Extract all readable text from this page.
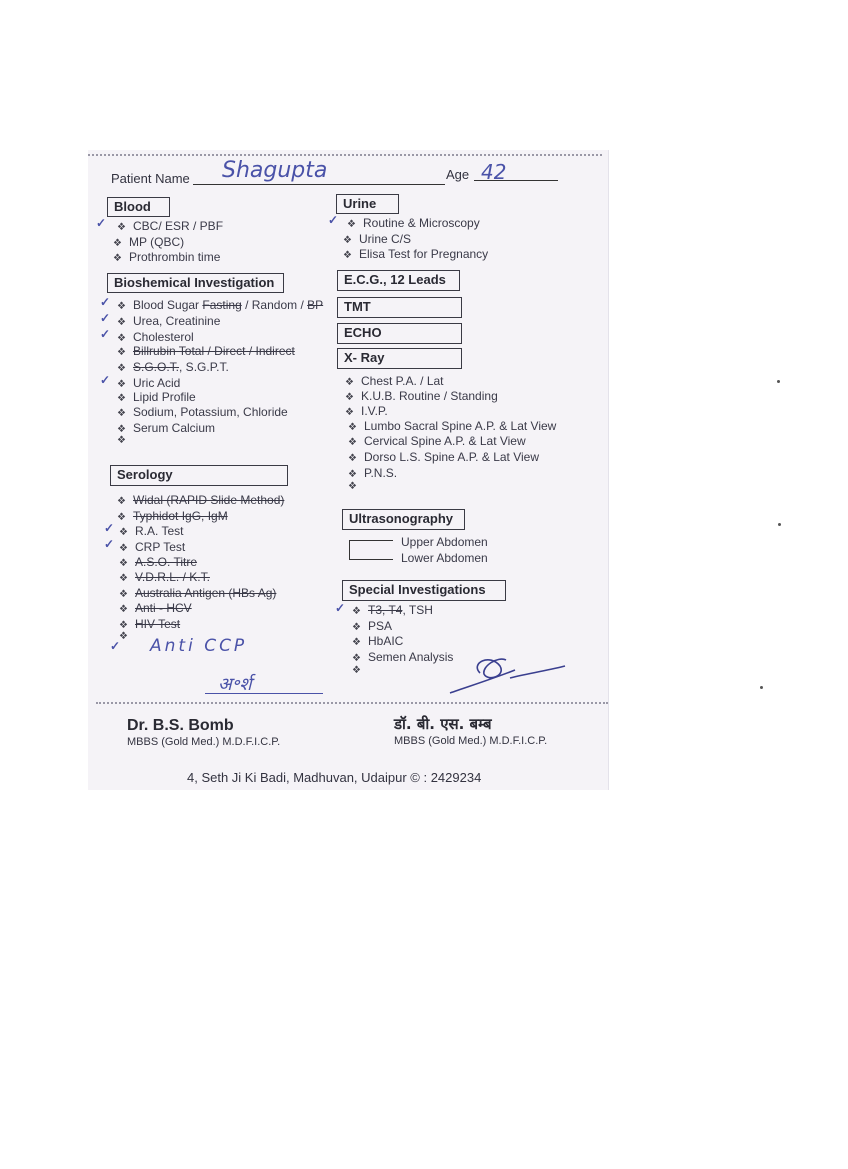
Patient Name Shagupta	Age 42
Blood
❖ CBC/ ESR / PBF
❖ MP (QBC)
❖ Prothrombin time
✓
Bioshemical Investigation
❖ Blood Sugar Fasting / Random / BP
❖ Urea, Creatinine
❖ Cholesterol
❖ Billrubin Total / Direct / Indirect
❖ S.G.O.T., S.G.P.T.
❖ Uric Acid
❖ Lipid Profile
❖ Sodium, Potassium, Chloride
❖ Serum Calcium
❖
✓
✓
✓
✓
Serology
❖ Widal (RAPID Slide Method)
❖ Typhidot IgG, IgM
❖ R.A. Test
❖ CRP Test
❖ A.S.O. Titre
❖ V.D.R.L. / K.T.
❖ Australia Antigen (HBs Ag)
❖ Anti - HCV
❖ HIV Test
❖
✓
✓
Anti CCP
✓
अ॰र्श
Urine
❖ Routine & Microscopy
❖ Urine C/S
❖ Elisa Test for Pregnancy
✓
E.C.G., 12 Leads
TMT
ECHO
X- Ray
❖ Chest P.A. / Lat
❖ K.U.B. Routine / Standing
❖ I.V.P.
❖ Lumbo Sacral Spine A.P. & Lat View
❖ Cervical Spine A.P. & Lat View
❖ Dorso L.S. Spine A.P. & Lat View
❖ P.N.S.
❖
Ultrasonography
Upper Abdomen
Lower Abdomen
Special Investigations
❖ T3, T4, TSH
❖ PSA
❖ HbAIC
❖ Semen Analysis
❖
✓
Dr. B.S. Bomb
MBBS (Gold Med.) M.D.F.I.C.P.
डॉ. बी. एस. बम्ब
MBBS (Gold Med.) M.D.F.I.C.P.
4, Seth Ji Ki Badi, Madhuvan, Udaipur © : 2429234
